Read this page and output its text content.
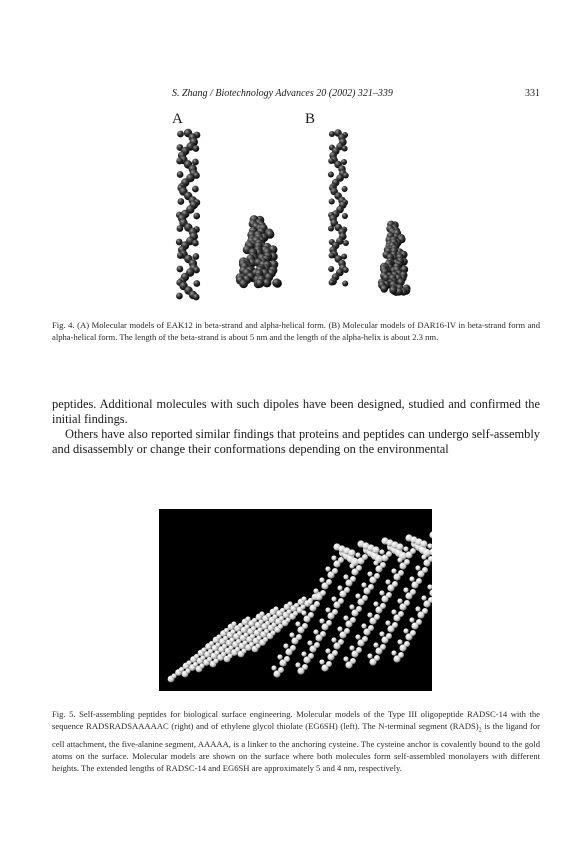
S. Zhang / Biotechnology Advances 20 (2002) 321–339	331
A	B
Fig. 4. (A) Molecular models of EAK12 in beta-strand and alpha-helical form. (B) Molecular models of DAR16-IV in beta-strand form and alpha-helical form. The length of the beta-strand is about 5 nm and the length of the alpha-helix is about 2.3 nm.

peptides. Additional molecules with such dipoles have been designed, studied and confirmed the initial findings.

Others have also reported similar findings that proteins and peptides can undergo self-assembly and disassembly or change their conformations depending on the environmental

Fig. 5. Self-assembling peptides for biological surface engineering. Molecular models of the Type III oligopeptide RADSC-14 with the sequence RADSRADSAAAAAC (right) and of ethylene glycol thiolate (EG6SH) (left). The N-terminal segment $(RADS)_2$ is the ligand for cell attachment, the five-alanine segment, AAAAA, is a linker to the anchoring cysteine. The cysteine anchor is covalently bound to the gold atoms on the surface. Molecular models are shown on the surface where both molecules form self-assembled monolayers with different heights. The extended lengths of RADSC-14 and EG6SH are approximately 5 and 4 nm, respectively.
